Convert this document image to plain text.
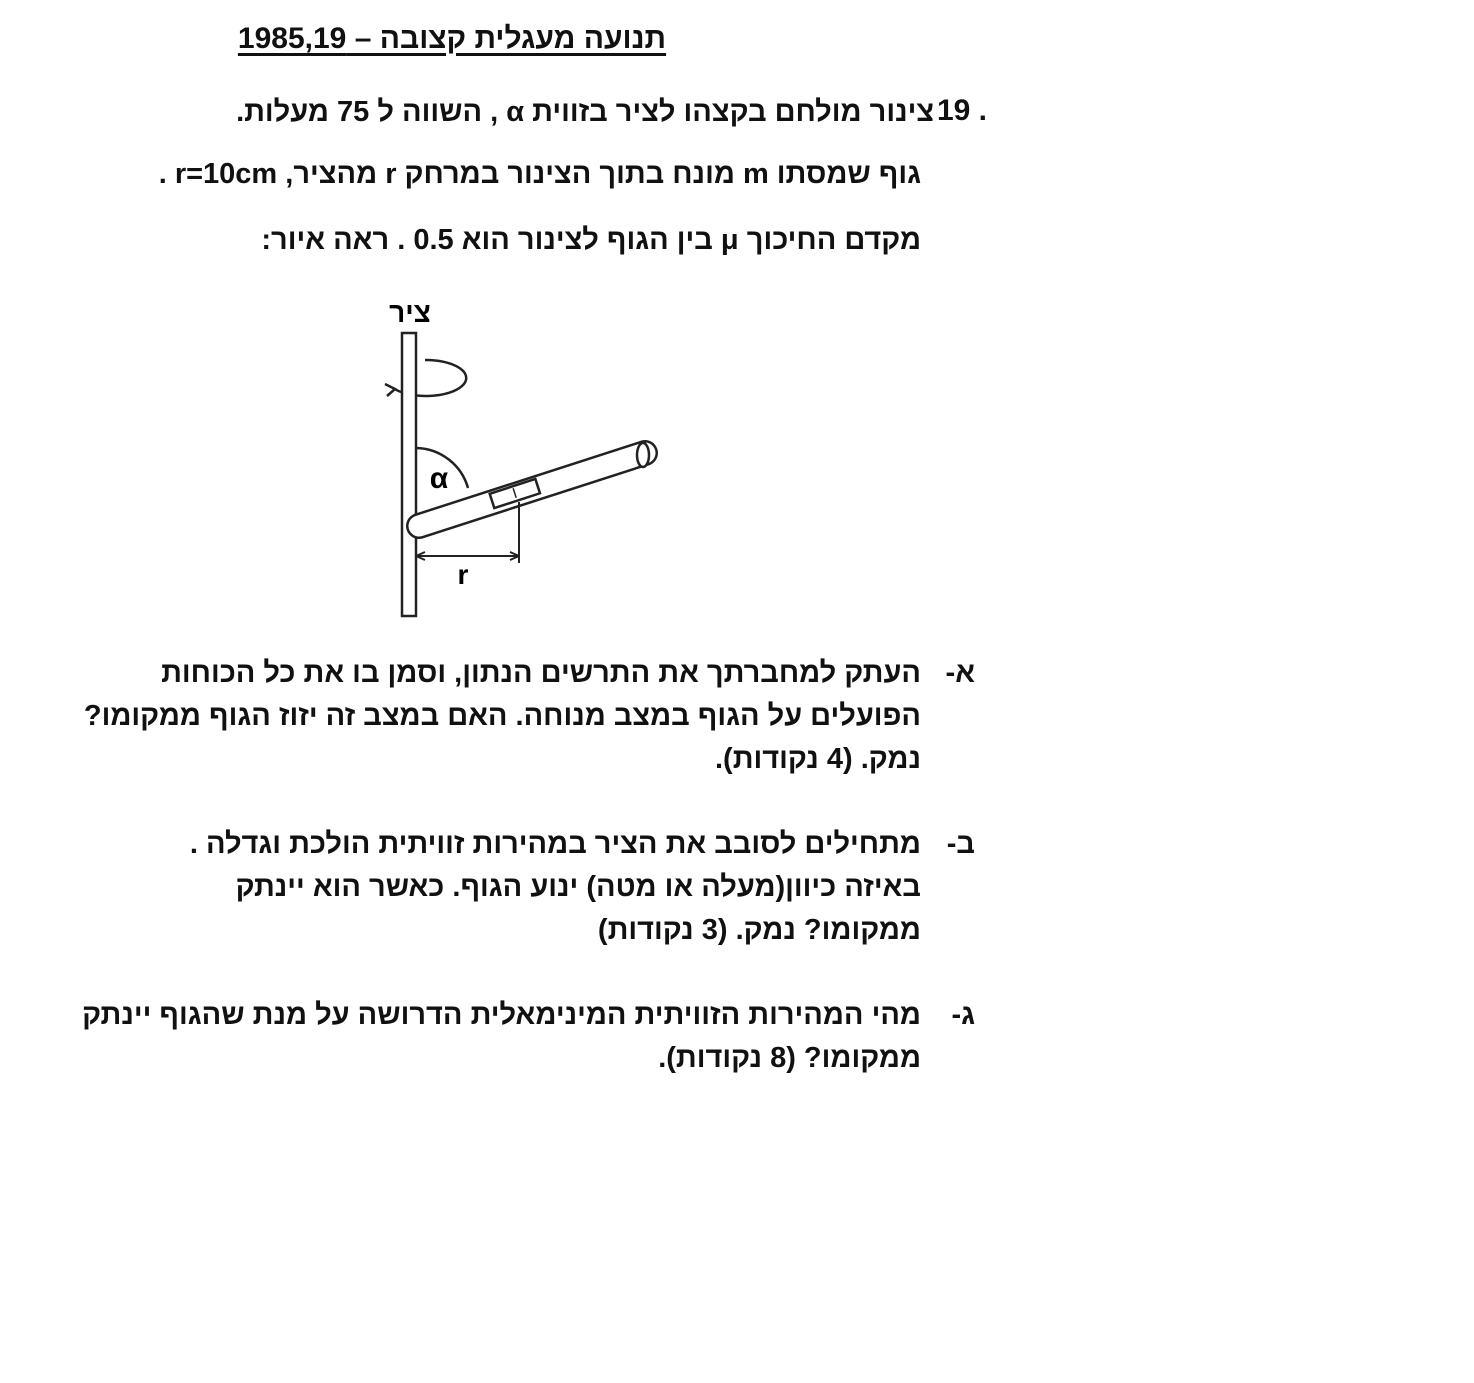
תנועה מעגלית קצובה – 1985,19
19 .
צינור מולחם בקצהו לציר בזווית α , השווה ל 75 מעלות.
גוף שמסתו m מונח בתוך הצינור במרחק r מהציר, r=10cm .
מקדם החיכוך μ בין הגוף לצינור הוא 0.5 . ראה איור:
ציר
α
r
א-
העתק למחברתך את התרשים הנתון, וסמן בו את כל הכוחות
הפועלים על הגוף במצב מנוחה. האם במצב זה יזוז הגוף ממקומו?
נמק. (4 נקודות).
ב-
מתחילים לסובב את הציר במהירות זוויתית הולכת וגדלה .
באיזה כיוון(מעלה או מטה) ינוע הגוף. כאשר הוא יינתק
ממקומו? נמק. (3 נקודות)
ג-
מהי המהירות הזוויתית המינימאלית הדרושה על מנת שהגוף יינתק
ממקומו? (8 נקודות).
